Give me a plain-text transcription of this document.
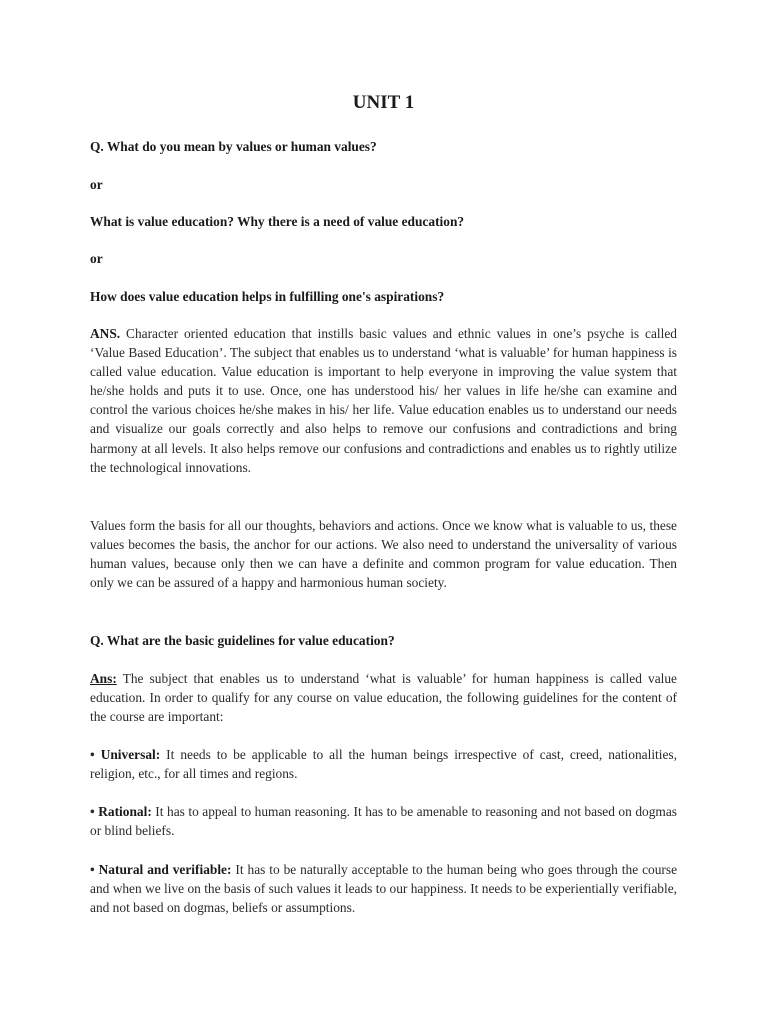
UNIT 1

Q. What do you mean by values or human values?

or

What is value education? Why there is a need of value education?

or

How does value education helps in fulfilling one's aspirations?

ANS. Character oriented education that instills basic values and ethnic values in one’s psyche is called ‘Value Based Education’. The subject that enables us to understand ‘what is valuable’ for human happiness is called value education. Value education is important to help everyone in improving the value system that he/she holds and puts it to use. Once, one has understood his/ her values in life he/she can examine and control the various choices he/she makes in his/ her life. Value education enables us to understand our needs and visualize our goals correctly and also helps to remove our confusions and contradictions and bring harmony at all levels. It also helps remove our confusions and contradictions and enables us to rightly utilize the technological innovations.

Values form the basis for all our thoughts, behaviors and actions. Once we know what is valuable to us, these values becomes the basis, the anchor for our actions. We also need to understand the universality of various human values, because only then we can have a definite and common program for value education. Then only we can be assured of a happy and harmonious human society.

Q. What are the basic guidelines for value education?

Ans: The subject that enables us to understand ‘what is valuable’ for human happiness is called value education. In order to qualify for any course on value education, the following guidelines for the content of the course are important:

• Universal: It needs to be applicable to all the human beings irrespective of cast, creed, nationalities, religion, etc., for all times and regions.

• Rational: It has to appeal to human reasoning. It has to be amenable to reasoning and not based on dogmas or blind beliefs.

• Natural and verifiable: It has to be naturally acceptable to the human being who goes through the course and when we live on the basis of such values it leads to our happiness. It needs to be experientially verifiable, and not based on dogmas, beliefs or assumptions.
